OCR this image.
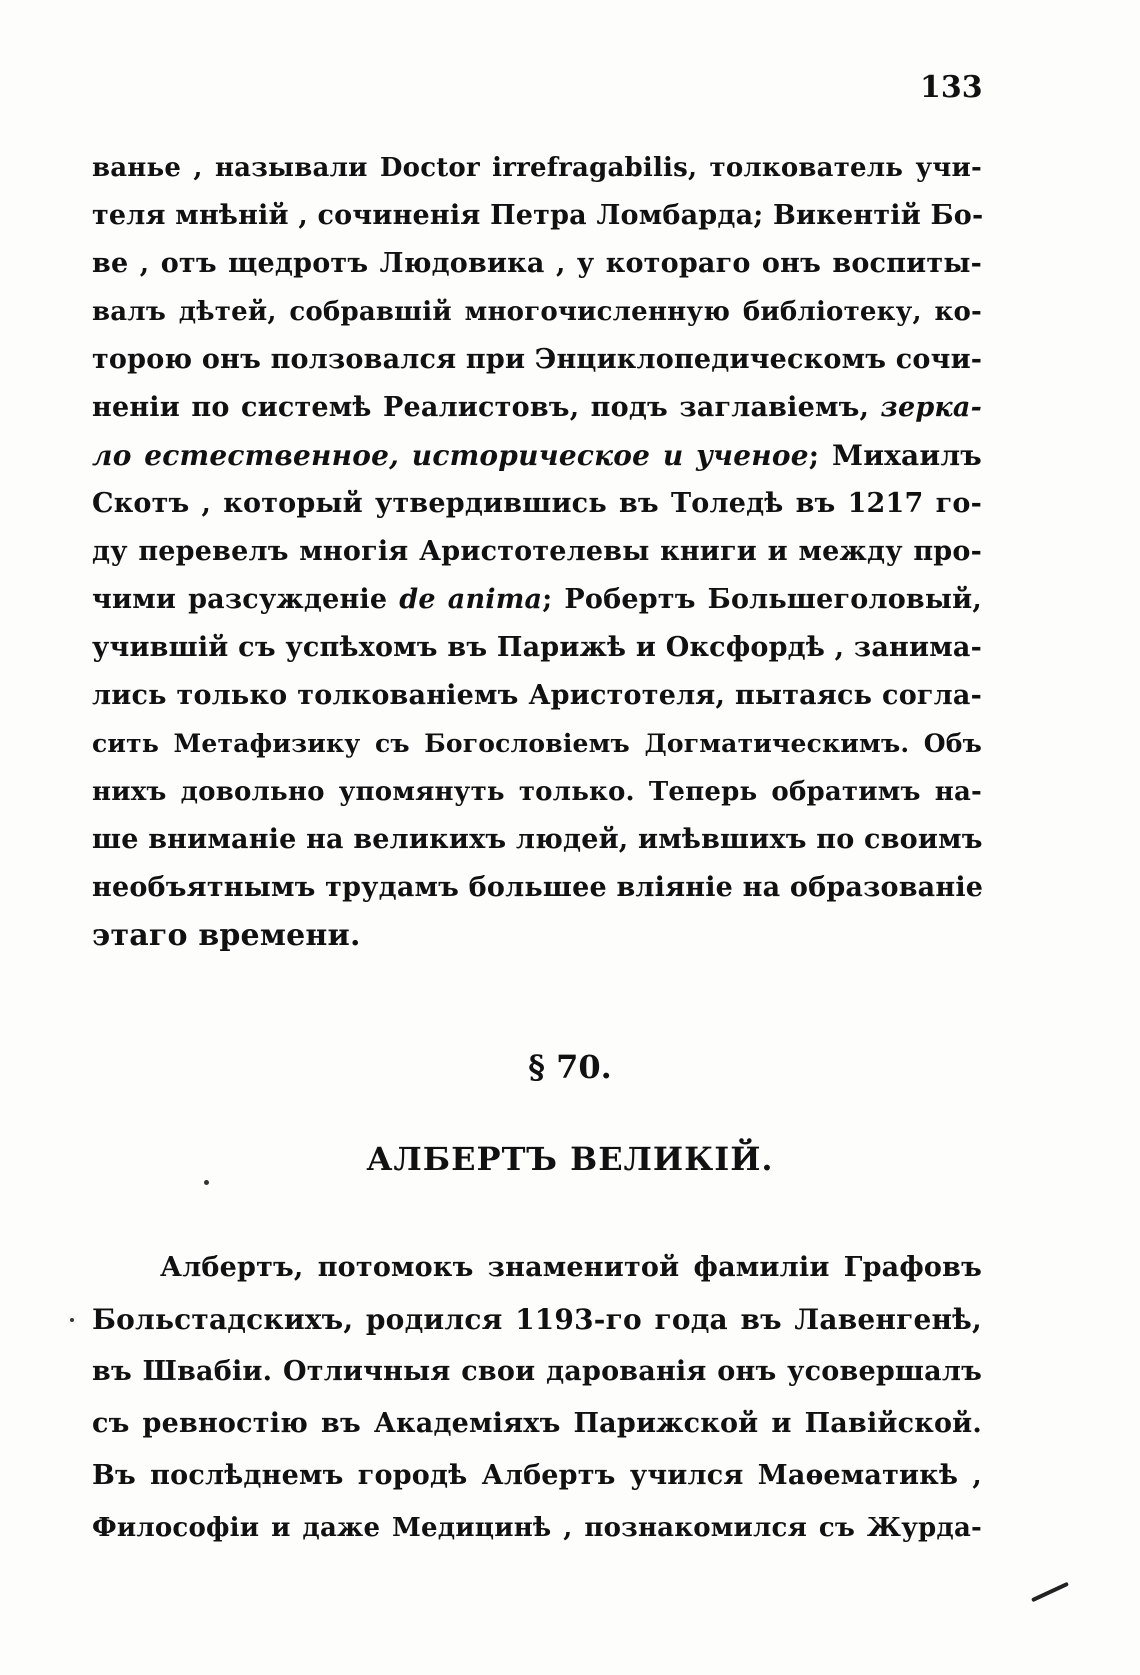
133
ванье , называли Doctor irrefragabilis, толкователь учи-
теля мнѣній , сочиненія Петра Ломбарда; Викентій Бо-
ве , отъ щедротъ Людовика , у котораго онъ воспиты-
валъ дѣтей, собравшій многочисленную библіотеку, ко-
торою онъ ползовался при Энциклопедическомъ сочи-
неніи по системѣ Реалистовъ, подъ заглавіемъ, зерка-
ло естественное, историческое и ученое; Михаилъ
Скотъ , который утвердившись въ Толедѣ въ 1217 го-
ду перевелъ многія Аристотелевы книги и между про-
чими разсужденіе de anima; Робертъ Большеголовый,
учившій съ успѣхомъ въ Парижѣ и Оксфордѣ , занима-
лись только толкованіемъ Аристотеля, пытаясь согла-
сить Метафизику съ Богословіемъ Догматическимъ. Объ
нихъ довольно упомянуть только. Теперь обратимъ на-
ше вниманіе на великихъ людей, имѣвшихъ по своимъ
необъятнымъ трудамъ большее вліяніе на образованіе
этаго времени.
§ 70.
АЛБЕРТЪ ВЕЛИКІЙ.
Албертъ, потомокъ знаменитой фамиліи Графовъ
Больстадскихъ, родился 1193-го года въ Лавенгенѣ,
въ Швабіи. Отличныя свои дарованія онъ усовершалъ
съ ревностію въ Академіяхъ Парижской и Павійской.
Въ послѣднемъ городѣ Албертъ учился Маѳематикѣ ,
Философіи и даже Медицинѣ , познакомился съ Журда-
